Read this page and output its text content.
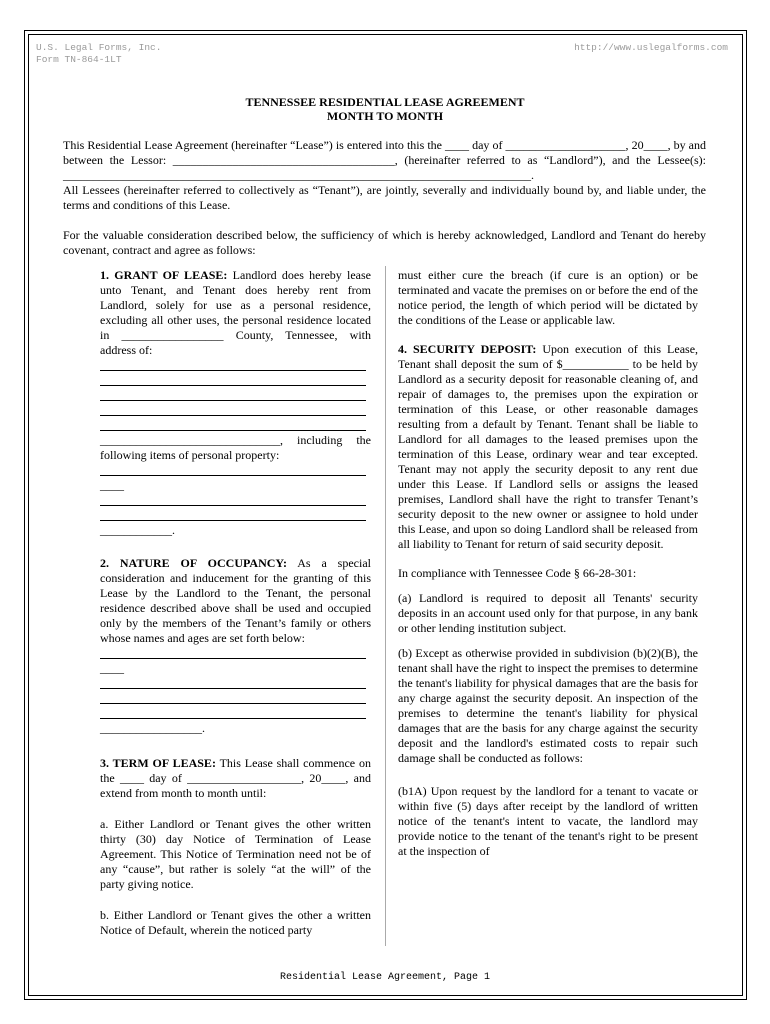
U.S. Legal Forms, Inc.
Form TN-864-1LT
http://www.uslegalforms.com
TENNESSEE RESIDENTIAL LEASE AGREEMENT
MONTH TO MONTH

This Residential Lease Agreement (hereinafter “Lease”) is entered into this the ____ day of ____________________, 20____, by and between the Lessor: _____________________________________, (hereinafter referred to as “Landlord”), and the Lessee(s): ______________________________________________________________________________.

All Lessees (hereinafter referred to collectively as “Tenant”), are jointly, severally and individually bound by, and liable under, the terms and conditions of this Lease.

For the valuable consideration described below, the sufficiency of which is hereby acknowledged, Landlord and Tenant do hereby covenant, contract and agree as follows:

1. GRANT OF LEASE: Landlord does hereby lease unto Tenant, and Tenant does hereby rent from Landlord, solely for use as a personal residence, excluding all other uses, the personal residence located in _________________ County, Tennessee, with address of:

______________________________, including the following items of personal property:

____

____________.

2. NATURE OF OCCUPANCY: As a special consideration and inducement for the granting of this Lease by the Landlord to the Tenant, the personal residence described above shall be used and occupied only by the members of the Tenant’s family or others whose names and ages are set forth below:

____

_________________.

3. TERM OF LEASE: This Lease shall commence on the ____ day of ___________________, 20____, and extend from month to month until:

a. Either Landlord or Tenant gives the other written thirty (30) day Notice of Termination of Lease Agreement. This Notice of Termination need not be of any “cause”, but rather is solely “at the will” of the party giving notice.

b. Either Landlord or Tenant gives the other a written Notice of Default, wherein the noticed party

must either cure the breach (if cure is an option) or be terminated and vacate the premises on or before the end of the notice period, the length of which period will be dictated by the conditions of the Lease or applicable law.

4. SECURITY DEPOSIT: Upon execution of this Lease, Tenant shall deposit the sum of $___________ to be held by Landlord as a security deposit for reasonable cleaning of, and repair of damages to, the premises upon the expiration or termination of this Lease, or other reasonable damages resulting from a default by Tenant. Tenant shall be liable to Landlord for all damages to the leased premises upon the termination of this Lease, ordinary wear and tear excepted. Tenant may not apply the security deposit to any rent due under this Lease. If Landlord sells or assigns the leased premises, Landlord shall have the right to transfer Tenant’s security deposit to the new owner or assignee to hold under this Lease, and upon so doing Landlord shall be released from all liability to Tenant for return of said security deposit.

In compliance with Tennessee Code § 66-28-301:

(a) Landlord is required to deposit all Tenants' security deposits in an account used only for that purpose, in any bank or other lending institution subject.

(b) Except as otherwise provided in subdivision (b)(2)(B), the tenant shall have the right to inspect the premises to determine the tenant's liability for physical damages that are the basis for any charge against the security deposit. An inspection of the premises to determine the tenant's liability for physical damages that are the basis for any charge against the security deposit and the landlord's estimated costs to repair such damage shall be conducted as follows:

(b1A) Upon request by the landlord for a tenant to vacate or within five (5) days after receipt by the landlord of written notice of the tenant's intent to vacate, the landlord may provide notice to the tenant of the tenant's right to be present at the inspection of

Residential Lease Agreement, Page 1
